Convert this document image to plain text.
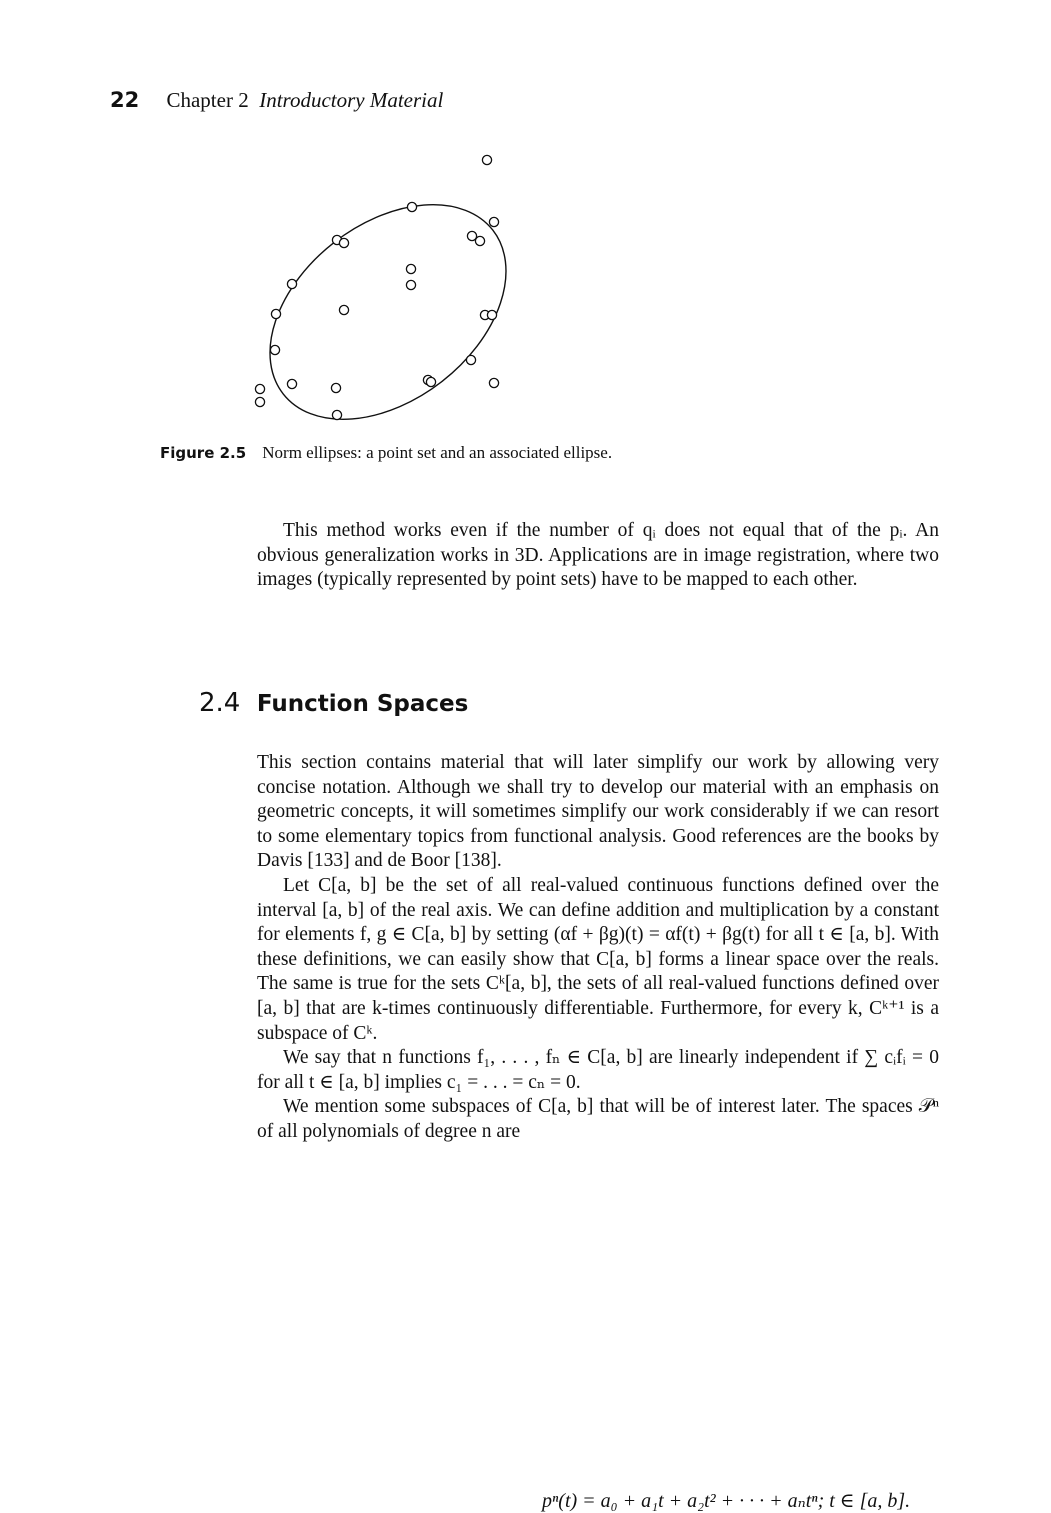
22 Chapter 2 Introductory Material
Figure 2.5 Norm ellipses: a point set and an associated ellipse.

This method works even if the number of qᵢ does not equal that of the pᵢ. An obvious generalization works in 3D. Applications are in image registration, where two images (typically represented by point sets) have to be mapped to each other.

2.4 Function Spaces

This section contains material that will later simplify our work by allowing very concise notation. Although we shall try to develop our material with an emphasis on geometric concepts, it will sometimes simplify our work considerably if we can resort to some elementary topics from functional analysis. Good references are the books by Davis [133] and de Boor [138].

Let C[a, b] be the set of all real-valued continuous functions defined over the interval [a, b] of the real axis. We can define addition and multiplication by a constant for elements f, g ∈ C[a, b] by setting (αf + βg)(t) = αf(t) + βg(t) for all t ∈ [a, b]. With these definitions, we can easily show that C[a, b] forms a linear space over the reals. The same is true for the sets Cᵏ[a, b], the sets of all real-valued functions defined over [a, b] that are k-times continuously differentiable. Furthermore, for every k, Cᵏ⁺¹ is a subspace of Cᵏ.

We say that n functions f₁, . . . , fₙ ∈ C[a, b] are linearly independent if ∑ cᵢfᵢ = 0 for all t ∈ [a, b] implies c₁ = . . . = cₙ = 0.

We mention some subspaces of C[a, b] that will be of interest later. The spaces 𝒫ⁿ of all polynomials of degree n are

pⁿ(t) = a₀ + a₁t + a₂t² + · · · + aₙtⁿ; t ∈ [a, b].
